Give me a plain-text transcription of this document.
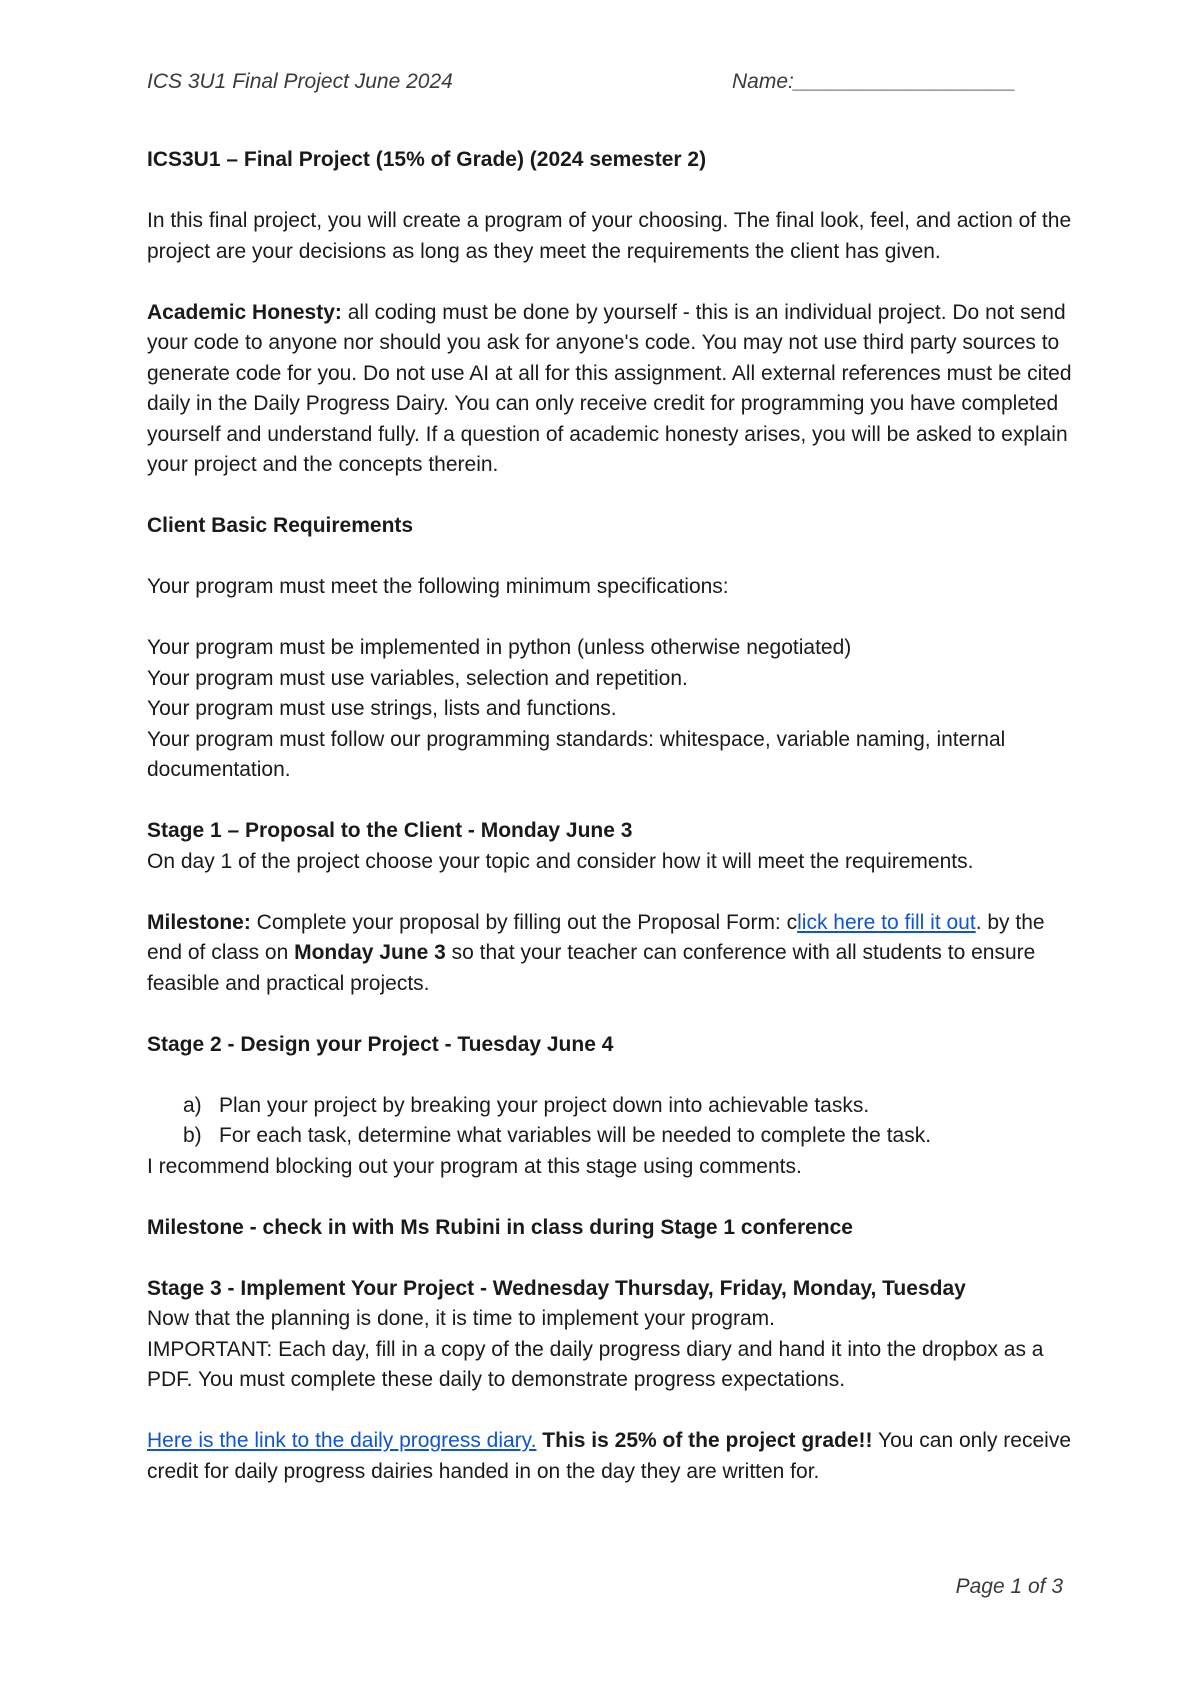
ICS 3U1 Final Project June 2024	Name:___________________

ICS3U1 – Final Project (15% of Grade) (2024 semester 2)

In this final project, you will create a program of your choosing. The final look, feel, and action of the project are your decisions as long as they meet the requirements the client has given.

Academic Honesty: all coding must be done by yourself - this is an individual project. Do not send your code to anyone nor should you ask for anyone's code. You may not use third party sources to generate code for you. Do not use AI at all for this assignment. All external references must be cited daily in the Daily Progress Dairy. You can only receive credit for programming you have completed yourself and understand fully. If a question of academic honesty arises, you will be asked to explain your project and the concepts therein.

Client Basic Requirements

Your program must meet the following minimum specifications:

Your program must be implemented in python (unless otherwise negotiated)

Your program must use variables, selection and repetition.

Your program must use strings, lists and functions.

Your program must follow our programming standards: whitespace, variable naming, internal documentation.

Stage 1 – Proposal to the Client - Monday June 3

On day 1 of the project choose your topic and consider how it will meet the requirements.

Milestone: Complete your proposal by filling out the Proposal Form: click here to fill it out. by the end of class on Monday June 3 so that your teacher can conference with all students to ensure feasible and practical projects.

Stage 2 - Design your Project - Tuesday June 4

a) Plan your project by breaking your project down into achievable tasks.
b) For each task, determine what variables will be needed to complete the task.

I recommend blocking out your program at this stage using comments.

Milestone - check in with Ms Rubini in class during Stage 1 conference

Stage 3 - Implement Your Project - Wednesday Thursday, Friday, Monday, Tuesday

Now that the planning is done, it is time to implement your program.

IMPORTANT: Each day, fill in a copy of the daily progress diary and hand it into the dropbox as a PDF. You must complete these daily to demonstrate progress expectations.

Here is the link to the daily progress diary. This is 25% of the project grade!! You can only receive credit for daily progress dairies handed in on the day they are written for.

Page 1 of 3
